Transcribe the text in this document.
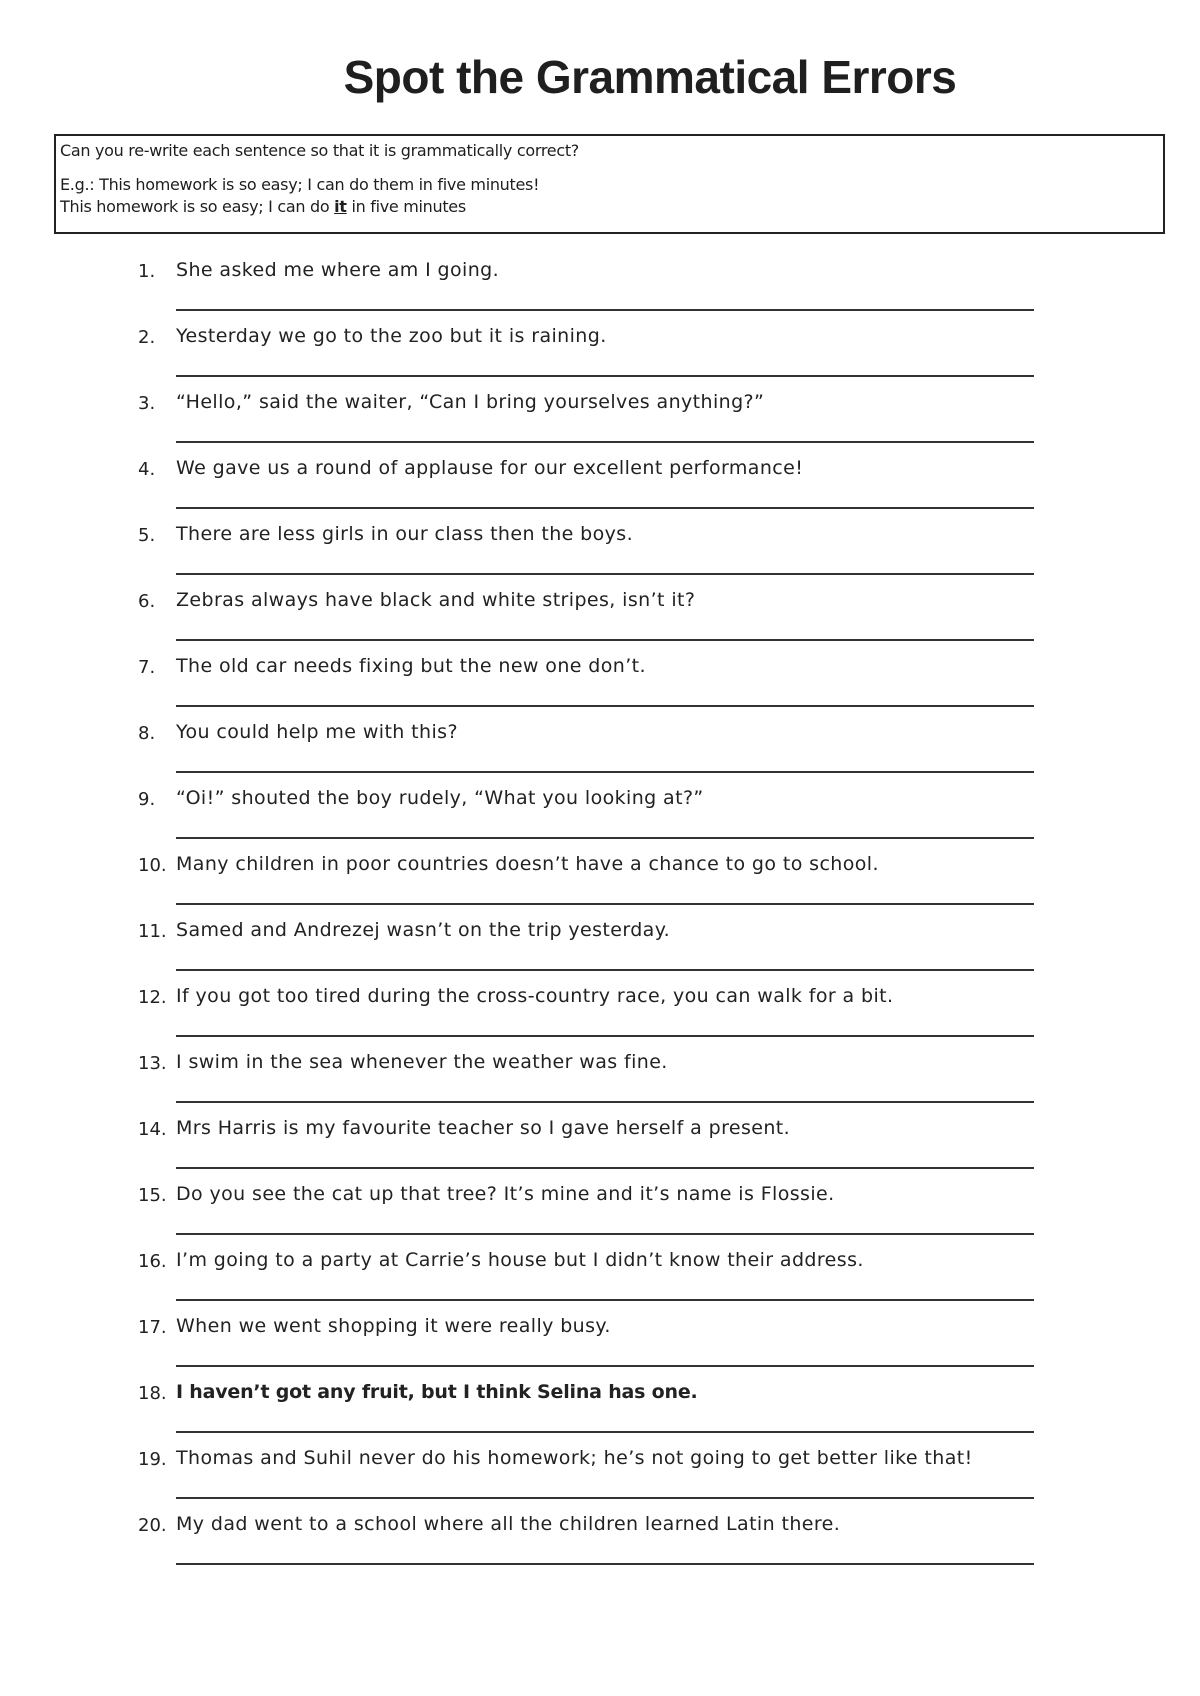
Spot the Grammatical Errors
Can you re-write each sentence so that it is grammatically correct?
E.g.: This homework is so easy; I can do them in five minutes!
This homework is so easy; I can do it in five minutes
1. She asked me where am I going.
2. Yesterday we go to the zoo but it is raining.
3. “Hello,” said the waiter, “Can I bring yourselves anything?”
4. We gave us a round of applause for our excellent performance!
5. There are less girls in our class then the boys.
6. Zebras always have black and white stripes, isn’t it?
7. The old car needs fixing but the new one don’t.
8. You could help me with this?
9. “Oi!” shouted the boy rudely, “What you looking at?”
10. Many children in poor countries doesn’t have a chance to go to school.
11. Samed and Andrezej wasn’t on the trip yesterday.
12. If you got too tired during the cross-country race, you can walk for a bit.
13. I swim in the sea whenever the weather was fine.
14. Mrs Harris is my favourite teacher so I gave herself a present.
15. Do you see the cat up that tree? It’s mine and it’s name is Flossie.
16. I’m going to a party at Carrie’s house but I didn’t know their address.
17. When we went shopping it were really busy.
18. I haven’t got any fruit, but I think Selina has one.
19. Thomas and Suhil never do his homework; he’s not going to get better like that!
20. My dad went to a school where all the children learned Latin there.
